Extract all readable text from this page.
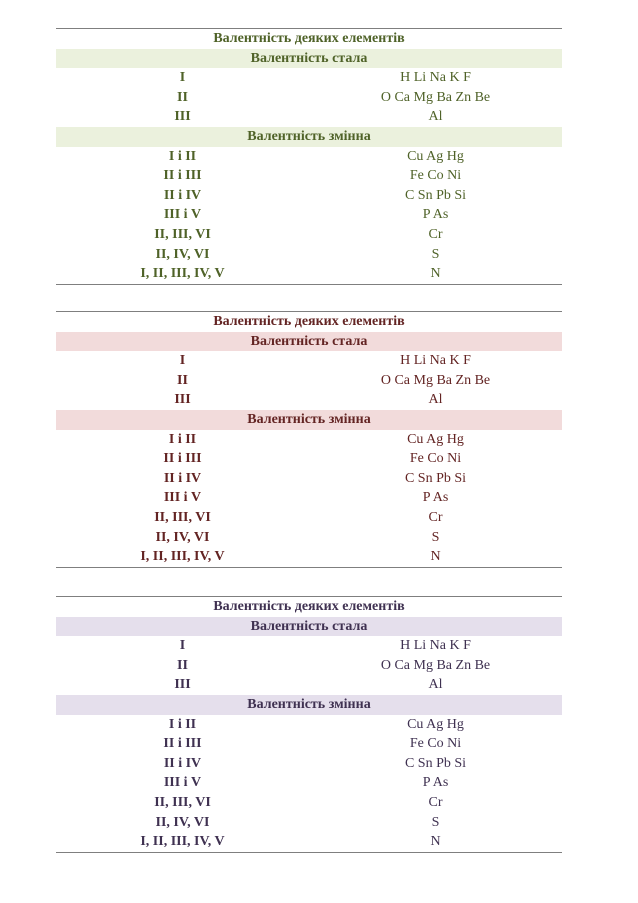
Валентність деяких елементів	
Валентність стала	
I	H Li Na K F
II	O Ca Mg Ba Zn Be
III	Al
Валентність змінна	
I і II	Cu Ag Hg
II і III	Fe Co Ni
II і IV	C Sn Pb Si
III і V	P As
II, III, VI	Cr
II, IV, VI	S
I, II, III, IV, V	N
Валентність деяких елементів	
Валентність стала	
I	H Li Na K F
II	O Ca Mg Ba Zn Be
III	Al
Валентність змінна	
I і II	Cu Ag Hg
II і III	Fe Co Ni
II і IV	C Sn Pb Si
III і V	P As
II, III, VI	Cr
II, IV, VI	S
I, II, III, IV, V	N
Валентність деяких елементів	
Валентність стала	
I	H Li Na K F
II	O Ca Mg Ba Zn Be
III	Al
Валентність змінна	
I і II	Cu Ag Hg
II і III	Fe Co Ni
II і IV	C Sn Pb Si
III і V	P As
II, III, VI	Cr
II, IV, VI	S
I, II, III, IV, V	N
